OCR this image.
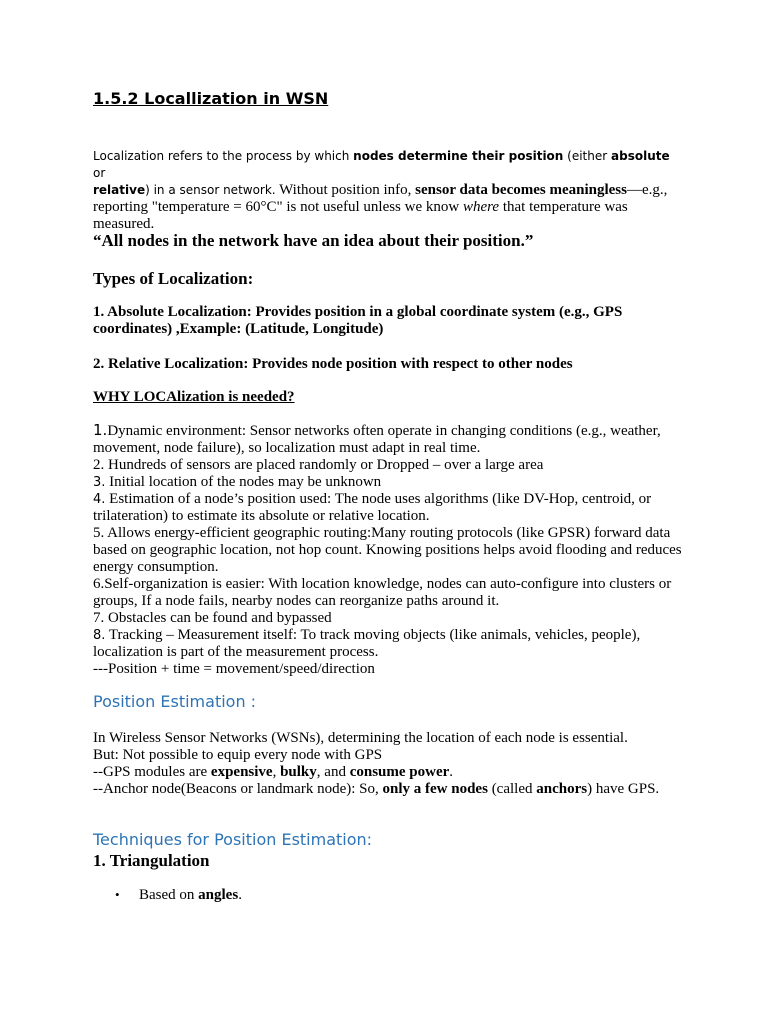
1.5.2 Locallization in WSN
Localization refers to the process by which nodes determine their position (either absolute or
relative) in a sensor network. Without position info, sensor data becomes meaningless—e.g., reporting "temperature = 60°C" is not useful unless we know where that temperature was measured.
“All nodes in the network have an idea about their position.”
Types of Localization:
1. Absolute Localization: Provides position in a global coordinate system (e.g., GPS coordinates) ,Example: (Latitude, Longitude)
2. Relative Localization: Provides node position with respect to other nodes
WHY LOCAlization is needed?
1.Dynamic environment: Sensor networks often operate in changing conditions (e.g., weather, movement, node failure), so localization must adapt in real time.
2. Hundreds of sensors are placed randomly or Dropped – over a large area
3. Initial location of the nodes may be unknown
4. Estimation of a node’s position used: The node uses algorithms (like DV-Hop, centroid, or trilateration) to estimate its absolute or relative location.
5. Allows energy-efficient geographic routing:Many routing protocols (like GPSR) forward data based on geographic location, not hop count. Knowing positions helps avoid flooding and reduces energy consumption.
6.Self-organization is easier: With location knowledge, nodes can auto-configure into clusters or groups, If a node fails, nearby nodes can reorganize paths around it.
7. Obstacles can be found and bypassed
8. Tracking – Measurement itself: To track moving objects (like animals, vehicles, people), localization is part of the measurement process.
---Position + time = movement/speed/direction
Position Estimation :
In Wireless Sensor Networks (WSNs), determining the location of each node is essential.
But: Not possible to equip every node with GPS
--GPS modules are expensive, bulky, and consume power.
--Anchor node(Beacons or landmark node): So, only a few nodes (called anchors) have GPS.
Techniques for Position Estimation:
1. Triangulation
• Based on angles.
